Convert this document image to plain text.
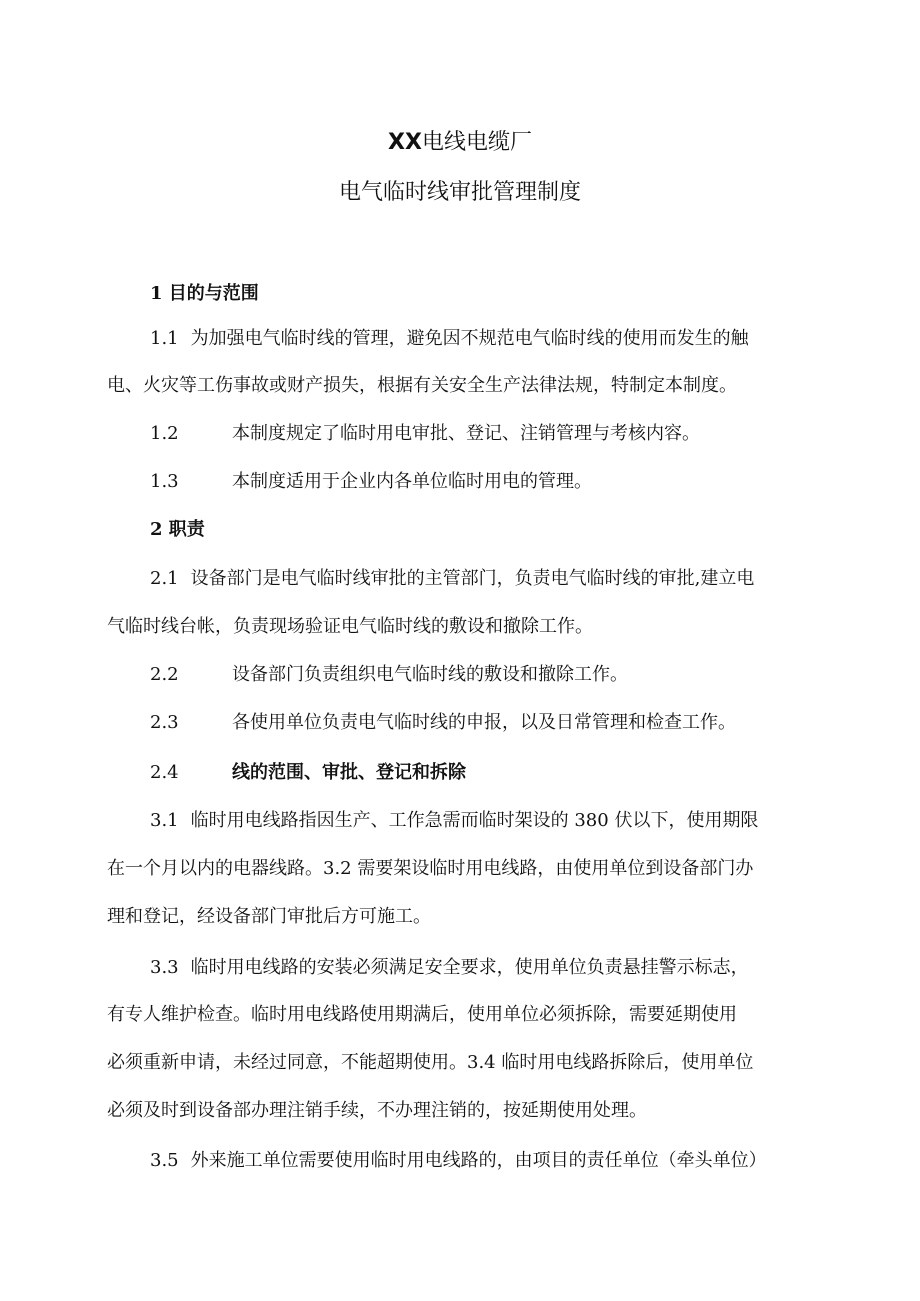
XX电线电缆厂
电气临时线审批管理制度

1 目的与范围

1.1 为加强电气临时线的管理，避免因不规范电气临时线的使用而发生的触

电、火灾等工伤事故或财产损失，根据有关安全生产法律法规，特制定本制度。

1.2	本制度规定了临时用电审批、登记、注销管理与考核内容。

1.3	本制度适用于企业内各单位临时用电的管理。

2 职责

2.1 设备部门是电气临时线审批的主管部门，负责电气临时线的审批,建立电

气临时线台帐，负责现场验证电气临时线的敷设和撤除工作。

2.2	设备部门负责组织电气临时线的敷设和撤除工作。

2.3	各使用单位负责电气临时线的申报，以及日常管理和检查工作。

2.4	线的范围、审批、登记和拆除

3.1 临时用电线路指因生产、工作急需而临时架设的 380 伏以下，使用期限

在一个月以内的电器线路。3.2 需要架设临时用电线路，由使用单位到设备部门办

理和登记，经设备部门审批后方可施工。

3.3 临时用电线路的安装必须满足安全要求，使用单位负责悬挂警示标志，

有专人维护检查。临时用电线路使用期满后，使用单位必须拆除，需要延期使用

必须重新申请，未经过同意，不能超期使用。3.4 临时用电线路拆除后，使用单位

必须及时到设备部办理注销手续，不办理注销的，按延期使用处理。

3.5 外来施工单位需要使用临时用电线路的，由项目的责任单位（牵头单位）
